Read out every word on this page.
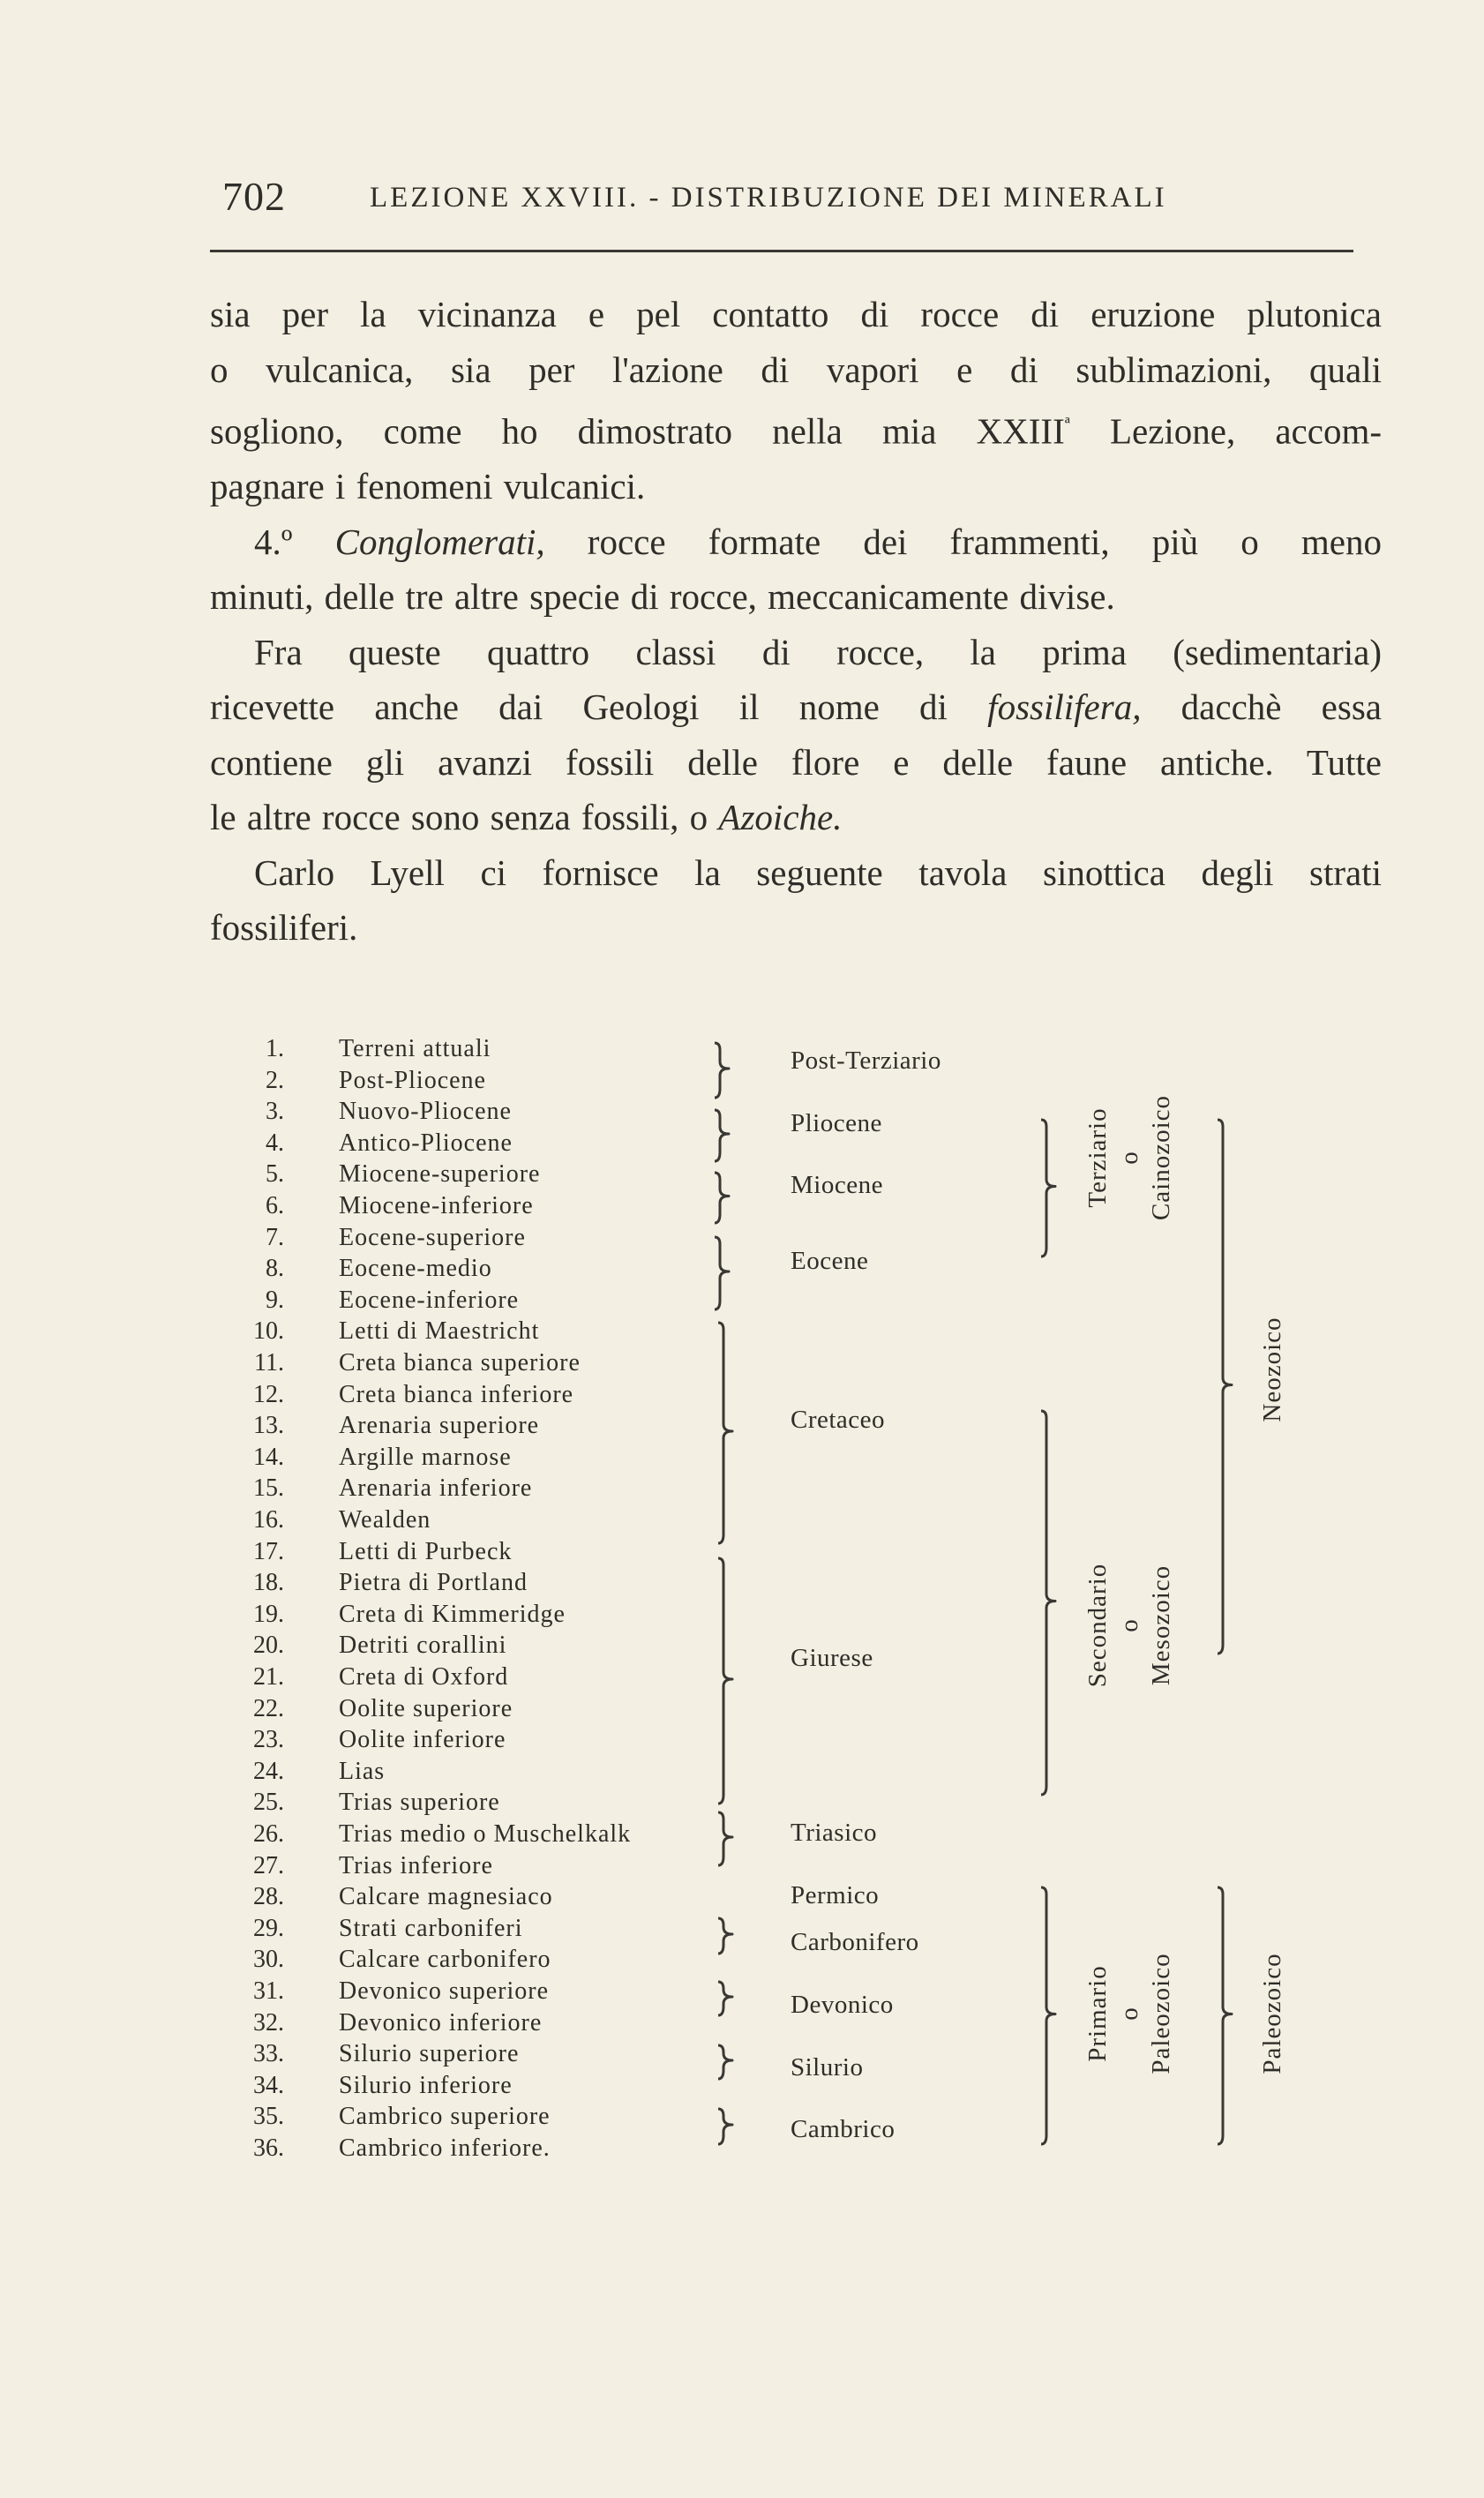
702	LEZIONE XXVIII. - DISTRIBUZIONE DEI MINERALI

sia per la vicinanza e pel contatto di rocce di eruzione plutonica

o vulcanica, sia per l'azione di vapori e di sublimazioni, quali

sogliono, come ho dimostrato nella mia $XXIII^ª$ Lezione, accom-

pagnare i fenomeni vulcanici.

4.º Conglomerati, rocce formate dei frammenti, più o meno

minuti, delle tre altre specie di rocce, meccanicamente divise.

Fra queste quattro classi di rocce, la prima (sedimentaria)

ricevette anche dai Geologi il nome di fossilifera, dacchè essa

contiene gli avanzi fossili delle flore e delle faune antiche. Tutte

le altre rocce sono senza fossili, o Azoiche.

Carlo Lyell ci fornisce la seguente tavola sinottica degli strati

fossiliferi.

1. Terreni attuali
2. Post-Pliocene
3. Nuovo-Pliocene
4. Antico-Pliocene
5. Miocene-superiore
6. Miocene-inferiore
7. Eocene-superiore
8. Eocene-medio
9. Eocene-inferiore
10. Letti di Maestricht
11. Creta bianca superiore
12. Creta bianca inferiore
13. Arenaria superiore
14. Argille marnose
15. Arenaria inferiore
16. Wealden
17. Letti di Purbeck
18. Pietra di Portland
19. Creta di Kimmeridge
20. Detriti corallini
21. Creta di Oxford
22. Oolite superiore
23. Oolite inferiore
24. Lias
25. Trias superiore
26. Trias medio o Muschelkalk
27. Trias inferiore
28. Calcare magnesiaco
29. Strati carboniferi
30. Calcare carbonifero
31. Devonico superiore
32. Devonico inferiore
33. Silurio superiore
34. Silurio inferiore
35. Cambrico superiore
36. Cambrico inferiore.
Post-Terziario
Pliocene
Miocene
Eocene
Cretaceo
Giurese
Triasico
Permico
Carbonifero
Devonico
Silurio
Cambrico
Terziario o Cainozoico
Secondario o Mesozoico
Primario o Paleozoico
Neozoico
Paleozoico
